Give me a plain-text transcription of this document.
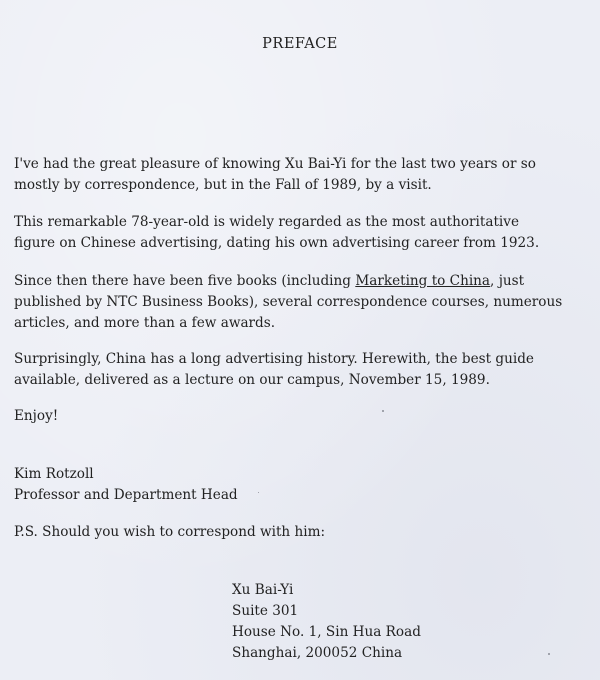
PREFACE

I've had the great pleasure of knowing Xu Bai-Yi for the last two years or so
mostly by correspondence, but in the Fall of 1989, by a visit.

This remarkable 78-year-old is widely regarded as the most authoritative
figure on Chinese advertising, dating his own advertising career from 1923.

Since then there have been five books (including Marketing to China, just
published by NTC Business Books), several correspondence courses, numerous
articles, and more than a few awards.

Surprisingly, China has a long advertising history. Herewith, the best guide
available, delivered as a lecture on our campus, November 15, 1989.

Enjoy!

Kim Rotzoll
Professor and Department Head

P.S. Should you wish to correspond with him:

Xu Bai-Yi
Suite 301
House No. 1, Sin Hua Road
Shanghai, 200052 China
